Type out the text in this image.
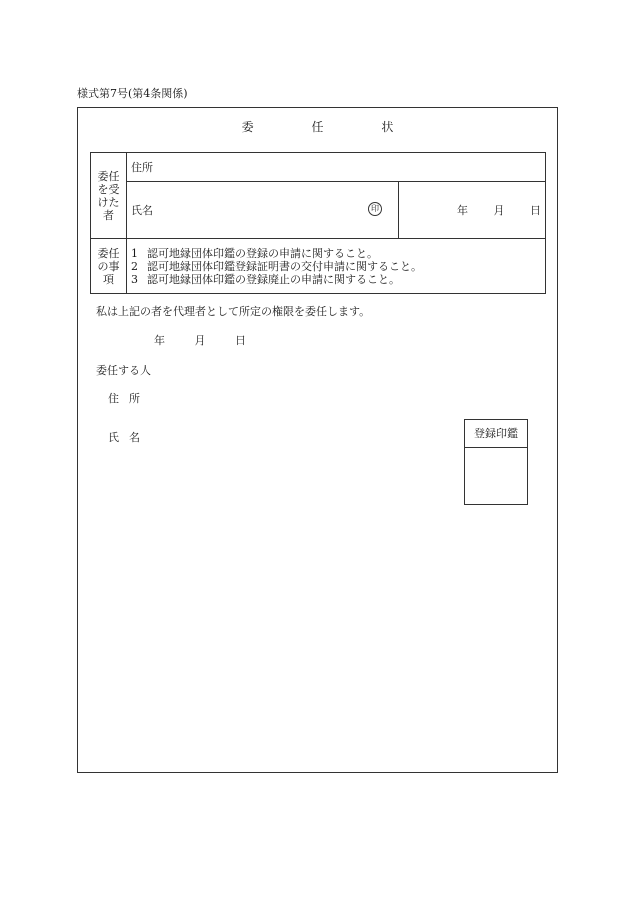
様式第7号(第4条関係)
委	任	状
委任を受けた者	住所	
	氏名 印	年 月 日

委任の事項	1 認可地縁団体印鑑の登録の申請に関すること。
2 認可地縁団体印鑑登録証明書の交付申請に関すること。
3 認可地縁団体印鑑の登録廃止の申請に関すること。	
私は上記の者を代理者として所定の権限を委任します。
年	月	日
委任する人
住 所
氏 名	登録印鑑
